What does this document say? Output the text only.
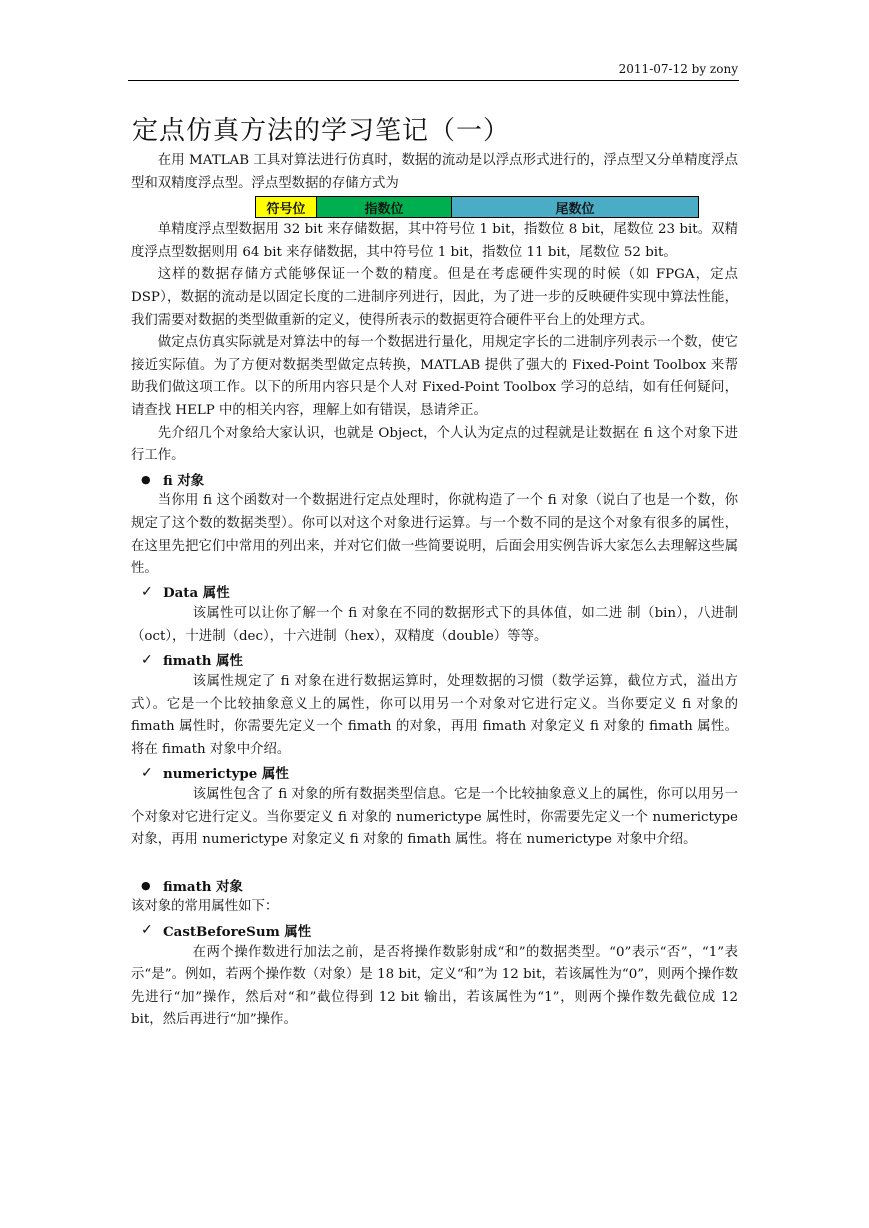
2011-07-12 by zony
定点仿真方法的学习笔记（一）

在用 MATLAB 工具对算法进行仿真时，数据的流动是以浮点形式进行的，浮点型又分单精度浮点型和双精度浮点型。浮点型数据的存储方式为

符号位	指数位	尾数位

单精度浮点型数据用 32 bit 来存储数据，其中符号位 1 bit，指数位 8 bit，尾数位 23 bit。双精度浮点型数据则用 64 bit 来存储数据，其中符号位 1 bit，指数位 11 bit，尾数位 52 bit。

这样的数据存储方式能够保证一个数的精度。但是在考虑硬件实现的时候（如 FPGA，定点 DSP），数据的流动是以固定长度的二进制序列进行，因此，为了进一步的反映硬件实现中算法性能，我们需要对数据的类型做重新的定义，使得所表示的数据更符合硬件平台上的处理方式。

做定点仿真实际就是对算法中的每一个数据进行量化，用规定字长的二进制序列表示一个数，使它接近实际值。为了方便对数据类型做定点转换，MATLAB 提供了强大的 Fixed-Point Toolbox 来帮助我们做这项工作。以下的所用内容只是个人对 Fixed-Point Toolbox 学习的总结，如有任何疑问，请查找 HELP 中的相关内容，理解上如有错误，恳请斧正。

先介绍几个对象给大家认识，也就是 Object，个人认为定点的过程就是让数据在 fi 这个对象下进行工作。

● fi 对象

当你用 fi 这个函数对一个数据进行定点处理时，你就构造了一个 fi 对象（说白了也是一个数，你规定了这个数的数据类型）。你可以对这个对象进行运算。与一个数不同的是这个对象有很多的属性，在这里先把它们中常用的列出来，并对它们做一些简要说明，后面会用实例告诉大家怎么去理解这些属性。

✓ Data 属性

该属性可以让你了解一个 fi 对象在不同的数据形式下的具体值，如二进 制（bin），八进制（oct），十进制（dec），十六进制（hex），双精度（double）等等。

✓ fimath 属性

该属性规定了 fi 对象在进行数据运算时，处理数据的习惯（数学运算，截位方式，溢出方式）。它是一个比较抽象意义上的属性，你可以用另一个对象对它进行定义。当你要定义 fi 对象的 fimath 属性时，你需要先定义一个 fimath 的对象，再用 fimath 对象定义 fi 对象的 fimath 属性。将在 fimath 对象中介绍。

✓ numerictype 属性

该属性包含了 fi 对象的所有数据类型信息。它是一个比较抽象意义上的属性，你可以用另一个对象对它进行定义。当你要定义 fi 对象的 numerictype 属性时，你需要先定义一个 numerictype 对象，再用 numerictype 对象定义 fi 对象的 fimath 属性。将在 numerictype 对象中介绍。

● fimath 对象

该对象的常用属性如下：

✓ CastBeforeSum 属性

在两个操作数进行加法之前，是否将操作数影射成“和”的数据类型。“0”表示“否”，“1”表示“是”。例如，若两个操作数（对象）是 18 bit，定义“和”为 12 bit，若该属性为“0”，则两个操作数先进行“加”操作，然后对“和”截位得到 12 bit 输出，若该属性为“1”，则两个操作数先截位成 12 bit，然后再进行“加”操作。
